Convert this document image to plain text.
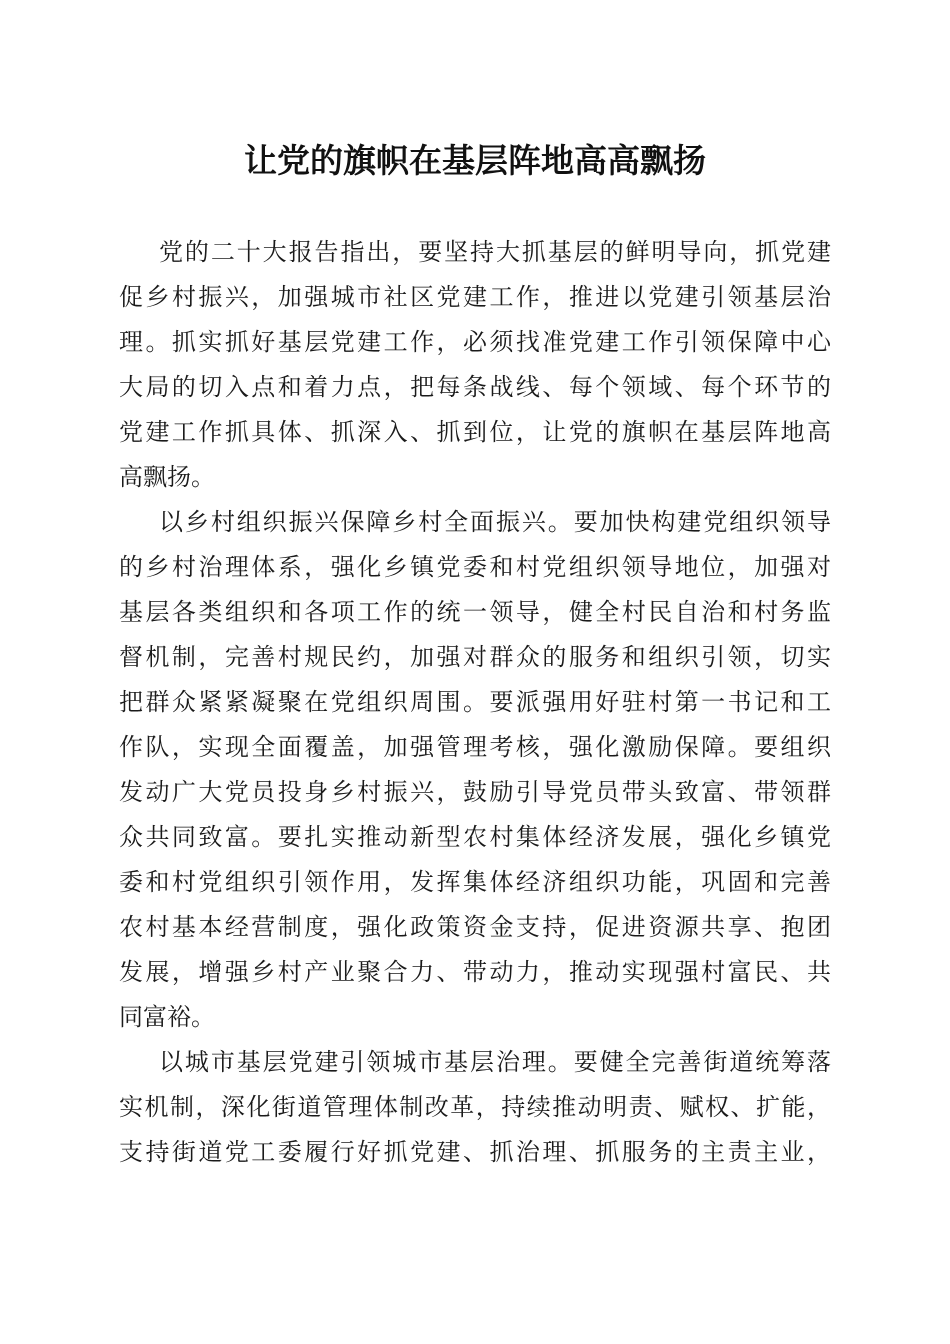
让党的旗帜在基层阵地高高飘扬
党的二十大报告指出，要坚持大抓基层的鲜明导向，抓党建
促乡村振兴，加强城市社区党建工作，推进以党建引领基层治
理。抓实抓好基层党建工作，必须找准党建工作引领保障中心
大局的切入点和着力点，把每条战线、每个领域、每个环节的
党建工作抓具体、抓深入、抓到位，让党的旗帜在基层阵地高
高飘扬。
以乡村组织振兴保障乡村全面振兴。要加快构建党组织领导
的乡村治理体系，强化乡镇党委和村党组织领导地位，加强对
基层各类组织和各项工作的统一领导，健全村民自治和村务监
督机制，完善村规民约，加强对群众的服务和组织引领，切实
把群众紧紧凝聚在党组织周围。要派强用好驻村第一书记和工
作队，实现全面覆盖，加强管理考核，强化激励保障。要组织
发动广大党员投身乡村振兴，鼓励引导党员带头致富、带领群
众共同致富。要扎实推动新型农村集体经济发展，强化乡镇党
委和村党组织引领作用，发挥集体经济组织功能，巩固和完善
农村基本经营制度，强化政策资金支持，促进资源共享、抱团
发展，增强乡村产业聚合力、带动力，推动实现强村富民、共
同富裕。
以城市基层党建引领城市基层治理。要健全完善街道统筹落
实机制，深化街道管理体制改革，持续推动明责、赋权、扩能，
支持街道党工委履行好抓党建、抓治理、抓服务的主责主业，
